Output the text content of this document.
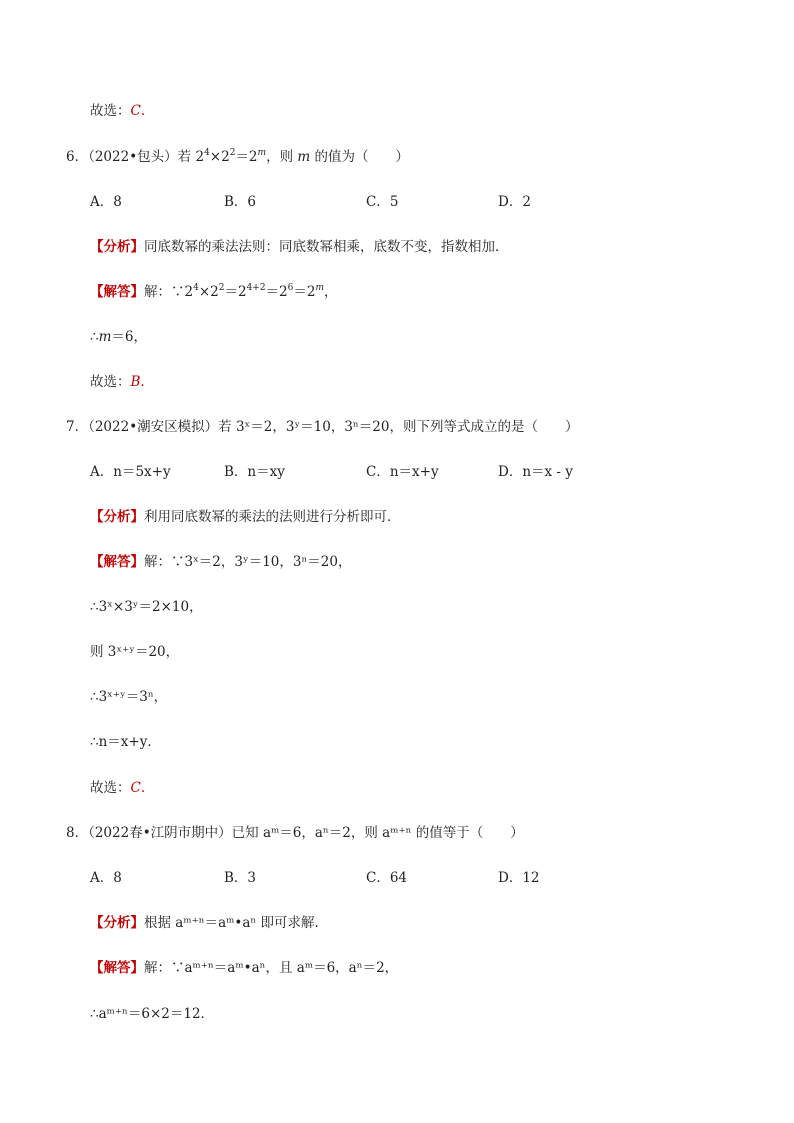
故选：C.
6．（2022•包头）若 $2^4\times 2^2=2^m$，则 m 的值为（　　）
A．8	B．6	C．5	D．2
【分析】同底数幂的乘法法则：同底数幂相乘，底数不变，指数相加．
【解答】解：$\because 2^4\times 2^2=2^{4+2}=2^6=2^m$，
∴m＝6，
故选：B.
7．（2022•潮安区模拟）若 3ˣ＝2，3ʸ＝10，3ⁿ＝20，则下列等式成立的是（　　）
A．n＝5x+y	B．n＝xy	C．n＝x+y	D．n＝x - y
【分析】利用同底数幂的乘法的法则进行分析即可．
【解答】解：∵3ˣ＝2，3ʸ＝10，3ⁿ＝20，
∴3ˣ×3ʸ＝2×10，
则 3ˣ⁺ʸ＝20，
∴3ˣ⁺ʸ＝3ⁿ，
∴n＝x+y．
故选：C.
8．（2022春•江阴市期中）已知 aᵐ＝6，aⁿ＝2，则 aᵐ⁺ⁿ 的值等于（　　）
A．8	B．3	C．64	D．12
【分析】根据 aᵐ⁺ⁿ＝aᵐ•aⁿ 即可求解．
【解答】解：∵aᵐ⁺ⁿ＝aᵐ•aⁿ，且 aᵐ＝6，aⁿ＝2，
∴aᵐ⁺ⁿ＝6×2＝12．
